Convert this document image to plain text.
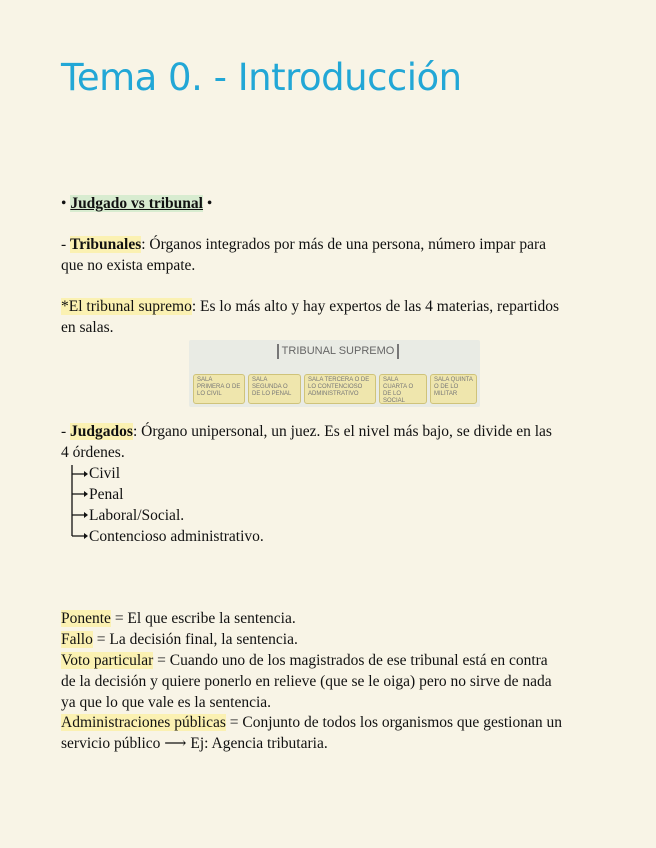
Tema 0. - Introducción
• Judgado vs tribunal •
- Tribunales: Órganos integrados por más de una persona, número impar para
que no exista empate.
*El tribunal supremo: Es lo más alto y hay expertos de las 4 materias, repartidos
en salas.
TRIBUNAL SUPREMO
SALA PRIMERA O DE LO CIVIL
SALA SEGUNDA O DE LO PENAL
SALA TERCERA O DE LO CONTENCIOSO ADMINISTRATIVO
SALA CUARTA O DE LO SOCIAL
SALA QUINTA O DE LO MILITAR
- Judgados: Órgano unipersonal, un juez. Es el nivel más bajo, se divide en las
4 órdenes.
Civil
Penal
Laboral/Social.
Contencioso administrativo.
Ponente = El que escribe la sentencia.
Fallo = La decisión final, la sentencia.
Voto particular = Cuando uno de los magistrados de ese tribunal está en contra
de la decisión y quiere ponerlo en relieve (que se le oiga) pero no sirve de nada
ya que lo que vale es la sentencia.
Administraciones públicas = Conjunto de todos los organismos que gestionan un
servicio público ⟶ Ej: Agencia tributaria.
